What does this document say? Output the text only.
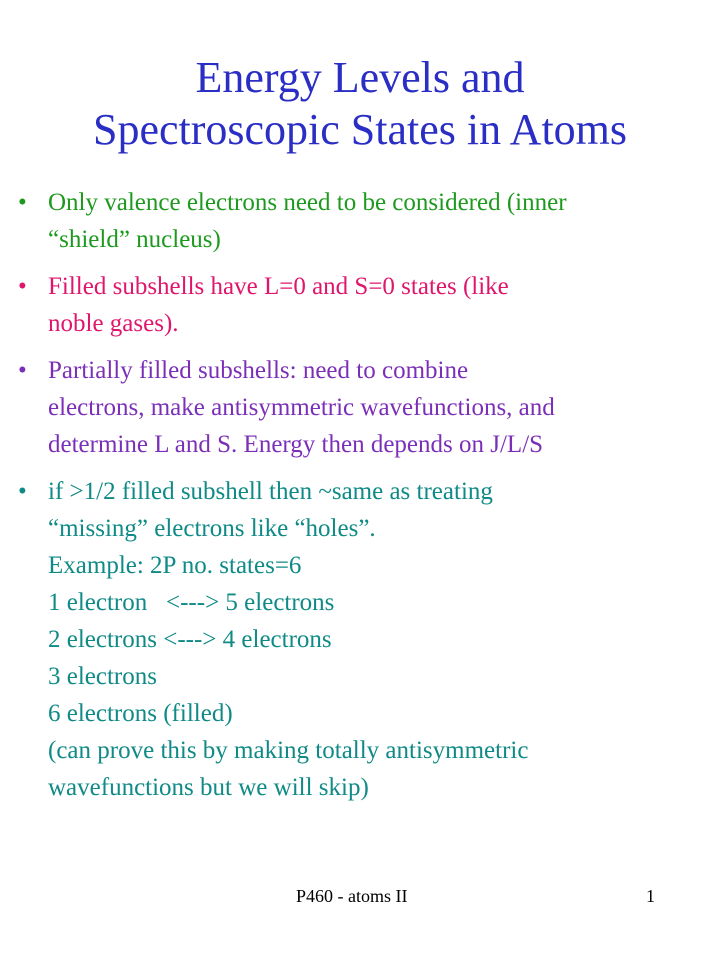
Energy Levels and
Spectroscopic States in Atoms
• Only valence electrons need to be considered (inner
“shield” nucleus)
• Filled subshells have L=0 and S=0 states (like
noble gases).
• Partially filled subshells: need to combine
electrons, make antisymmetric wavefunctions, and
determine L and S. Energy then depends on J/L/S
• if >1/2 filled subshell then ~same as treating
“missing” electrons like “holes”.
Example: 2P no. states=6
1 electron   <---> 5 electrons
2 electrons <---> 4 electrons
3 electrons
6 electrons (filled)
(can prove this by making totally antisymmetric
wavefunctions but we will skip)
P460 - atoms II	1
